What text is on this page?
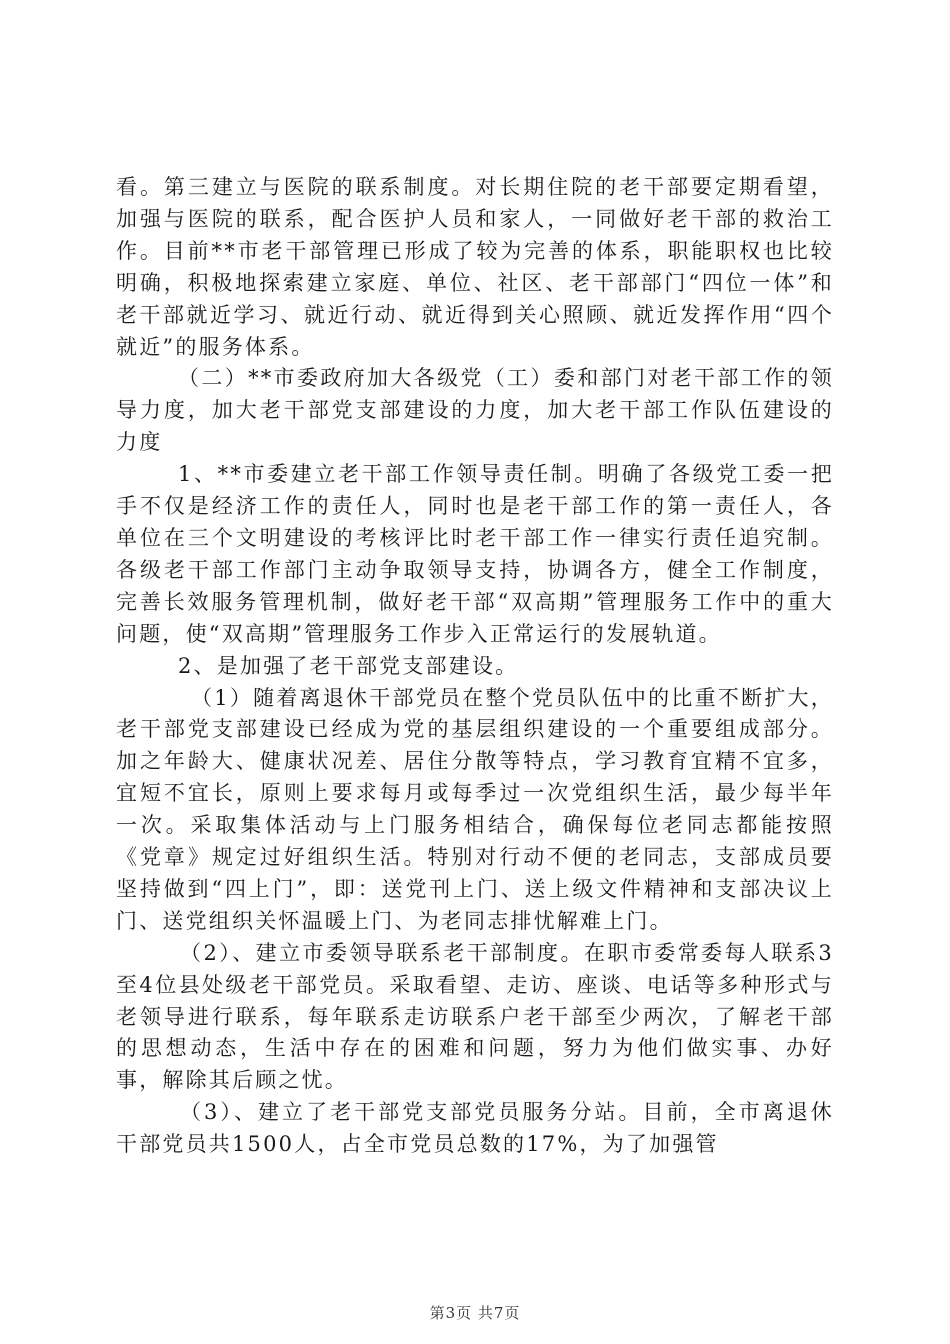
看。第三建立与医院的联系制度。对长期住院的老干部要定期看望，加强与医院的联系，配合医护人员和家人，一同做好老干部的救治工作。目前**市老干部管理已形成了较为完善的体系，职能职权也比较明确，积极地探索建立家庭、单位、社区、老干部部门“四位一体”和老干部就近学习、就近行动、就近得到关心照顾、就近发挥作用“四个就近”的服务体系。

（二）**市委政府加大各级党（工）委和部门对老干部工作的领导力度，加大老干部党支部建设的力度，加大老干部工作队伍建设的力度

1、**市委建立老干部工作领导责任制。明确了各级党工委一把手不仅是经济工作的责任人，同时也是老干部工作的第一责任人，各单位在三个文明建设的考核评比时老干部工作一律实行责任追究制。各级老干部工作部门主动争取领导支持，协调各方，健全工作制度，完善长效服务管理机制，做好老干部“双高期”管理服务工作中的重大问题，使“双高期”管理服务工作步入正常运行的发展轨道。

2、是加强了老干部党支部建设。

（1）随着离退休干部党员在整个党员队伍中的比重不断扩大，老干部党支部建设已经成为党的基层组织建设的一个重要组成部分。加之年龄大、健康状况差、居住分散等特点，学习教育宜精不宜多，宜短不宜长，原则上要求每月或每季过一次党组织生活，最少每半年一次。采取集体活动与上门服务相结合，确保每位老同志都能按照《党章》规定过好组织生活。特别对行动不便的老同志，支部成员要坚持做到“四上门”，即：送党刊上门、送上级文件精神和支部决议上门、送党组织关怀温暖上门、为老同志排忧解难上门。

（2）、建立市委领导联系老干部制度。在职市委常委每人联系3至4位县处级老干部党员。采取看望、走访、座谈、电话等多种形式与老领导进行联系，每年联系走访联系户老干部至少两次，了解老干部的思想动态，生活中存在的困难和问题，努力为他们做实事、办好事，解除其后顾之忧。

（3）、建立了老干部党支部党员服务分站。目前，全市离退休干部党员共1500人，占全市党员总数的17%，为了加强管

第3页 共7页
